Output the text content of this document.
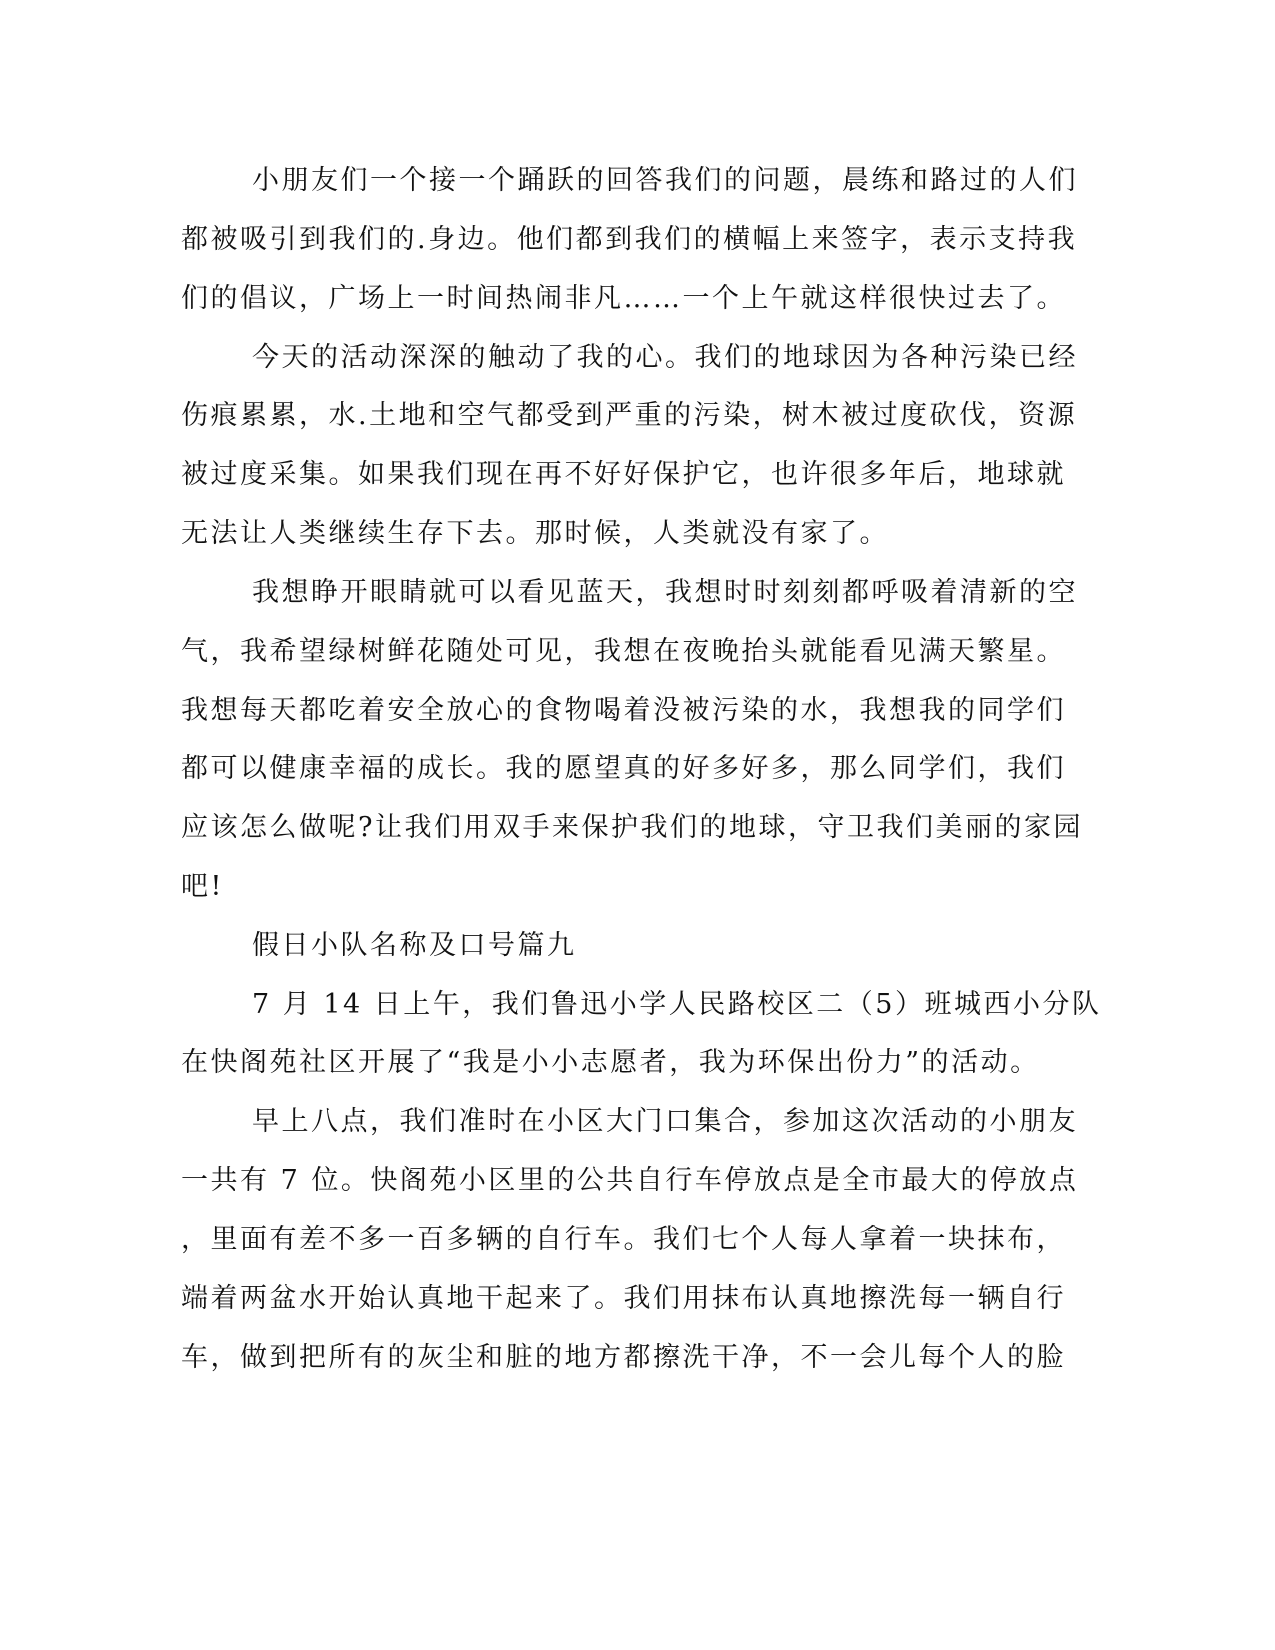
小朋友们一个接一个踊跃的回答我们的问题，晨练和路过的人们
都被吸引到我们的.身边。他们都到我们的横幅上来签字，表示支持我
们的倡议，广场上一时间热闹非凡……一个上午就这样很快过去了。
今天的活动深深的触动了我的心。我们的地球因为各种污染已经
伤痕累累，水.土地和空气都受到严重的污染，树木被过度砍伐，资源
被过度采集。如果我们现在再不好好保护它，也许很多年后，地球就
无法让人类继续生存下去。那时候，人类就没有家了。
我想睁开眼睛就可以看见蓝天，我想时时刻刻都呼吸着清新的空
气，我希望绿树鲜花随处可见，我想在夜晚抬头就能看见满天繁星。
我想每天都吃着安全放心的食物喝着没被污染的水，我想我的同学们
都可以健康幸福的成长。我的愿望真的好多好多，那么同学们，我们
应该怎么做呢?让我们用双手来保护我们的地球，守卫我们美丽的家园
吧!
假日小队名称及口号篇九
7 月 14 日上午，我们鲁迅小学人民路校区二（5）班城西小分队
在快阁苑社区开展了“我是小小志愿者，我为环保出份力”的活动。
早上八点，我们准时在小区大门口集合，参加这次活动的小朋友
一共有 7 位。快阁苑小区里的公共自行车停放点是全市最大的停放点
，里面有差不多一百多辆的自行车。我们七个人每人拿着一块抹布，
端着两盆水开始认真地干起来了。我们用抹布认真地擦洗每一辆自行
车，做到把所有的灰尘和脏的地方都擦洗干净，不一会儿每个人的脸
